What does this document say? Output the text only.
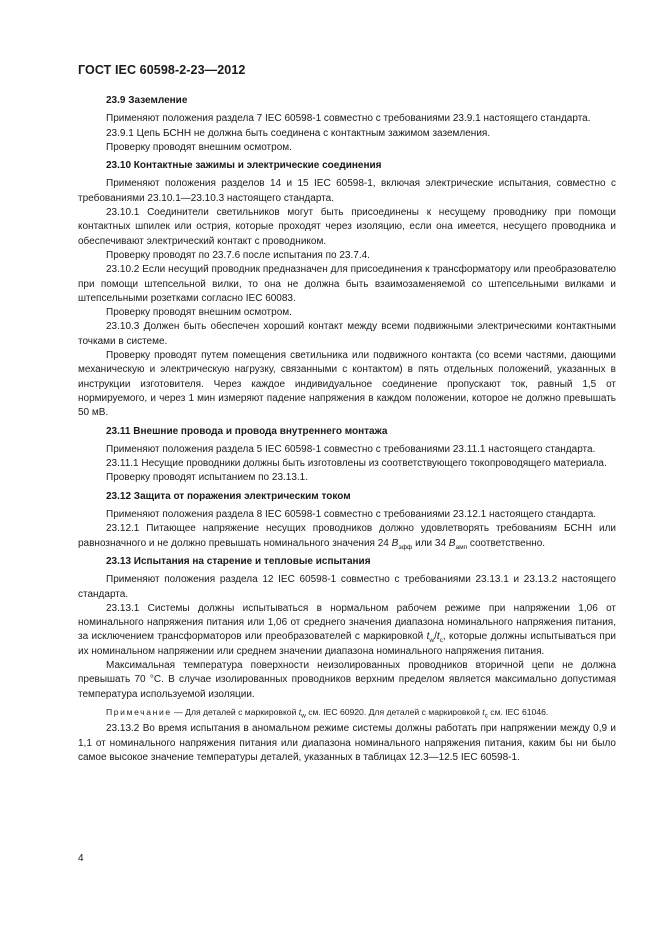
ГОСТ IEC 60598-2-23—2012

23.9 Заземление

Применяют положения раздела 7 IEC 60598-1 совместно с требованиями 23.9.1 настоящего стандарта.

23.9.1 Цепь БСНН не должна быть соединена с контактным зажимом заземления.

Проверку проводят внешним осмотром.

23.10 Контактные зажимы и электрические соединения

Применяют положения разделов 14 и 15 IEC 60598-1, включая электрические испытания, совместно с требованиями 23.10.1—23.10.3 настоящего стандарта.

23.10.1 Соединители светильников могут быть присоединены к несущему проводнику при помощи контактных шпилек или острия, которые проходят через изоляцию, если она имеется, несущего проводника и обеспечивают электрический контакт с проводником.

Проверку проводят по 23.7.6 после испытания по 23.7.4.

23.10.2 Если несущий проводник предназначен для присоединения к трансформатору или преобразователю при помощи штепсельной вилки, то она не должна быть взаимозаменяемой со штепсельными вилками и штепсельными розетками согласно IEC 60083.

Проверку проводят внешним осмотром.

23.10.3 Должен быть обеспечен хороший контакт между всеми подвижными электрическими контактными точками в системе.

Проверку проводят путем помещения светильника или подвижного контакта (со всеми частями, дающими механическую и электрическую нагрузку, связанными с контактом) в пять отдельных положений, указанных в инструкции изготовителя. Через каждое индивидуальное соединение пропускают ток, равный 1,5 от нормируемого, и через 1 мин измеряют падение напряжения в каждом положении, которое не должно превышать 50 мВ.

23.11 Внешние провода и провода внутреннего монтажа

Применяют положения раздела 5 IEC 60598-1 совместно с требованиями 23.11.1 настоящего стандарта.

23.11.1 Несущие проводники должны быть изготовлены из соответствующего токопроводящего материала.

Проверку проводят испытанием по 23.13.1.

23.12 Защита от поражения электрическим током

Применяют положения раздела 8 IEC 60598-1 совместно с требованиями 23.12.1 настоящего стандарта.

23.12.1 Питающее напряжение несущих проводников должно удовлетворять требованиям БСНН или равнозначного и не должно превышать номинального значения 24 $В_{эфф}$ или 34 $В_{амп}$ соответственно.

23.13 Испытания на старение и тепловые испытания

Применяют положения раздела 12 IEC 60598-1 совместно с требованиями 23.13.1 и 23.13.2 настоящего стандарта.

23.13.1 Системы должны испытываться в нормальном рабочем режиме при напряжении 1,06 от номинального напряжения питания или 1,06 от среднего значения диапазона номинального напряжения питания, за исключением трансформаторов или преобразователей с маркировкой $t_w/t_c$, которые должны испытываться при их номинальном напряжении или среднем значении диапазона номинального напряжения питания.

Максимальная температура поверхности неизолированных проводников вторичной цепи не должна превышать 70 °С. В случае изолированных проводников верхним пределом является максимально допустимая температура используемой изоляции.

Примечание — Для деталей с маркировкой $t_w$ см. IEC 60920. Для деталей с маркировкой $t_c$ см. IEC 61046.

23.13.2 Во время испытания в аномальном режиме системы должны работать при напряжении между 0,9 и 1,1 от номинального напряжения питания или диапазона номинального напряжения питания, каким бы ни было самое высокое значение температуры деталей, указанных в таблицах 12.3—12.5 IEC 60598-1.

4
